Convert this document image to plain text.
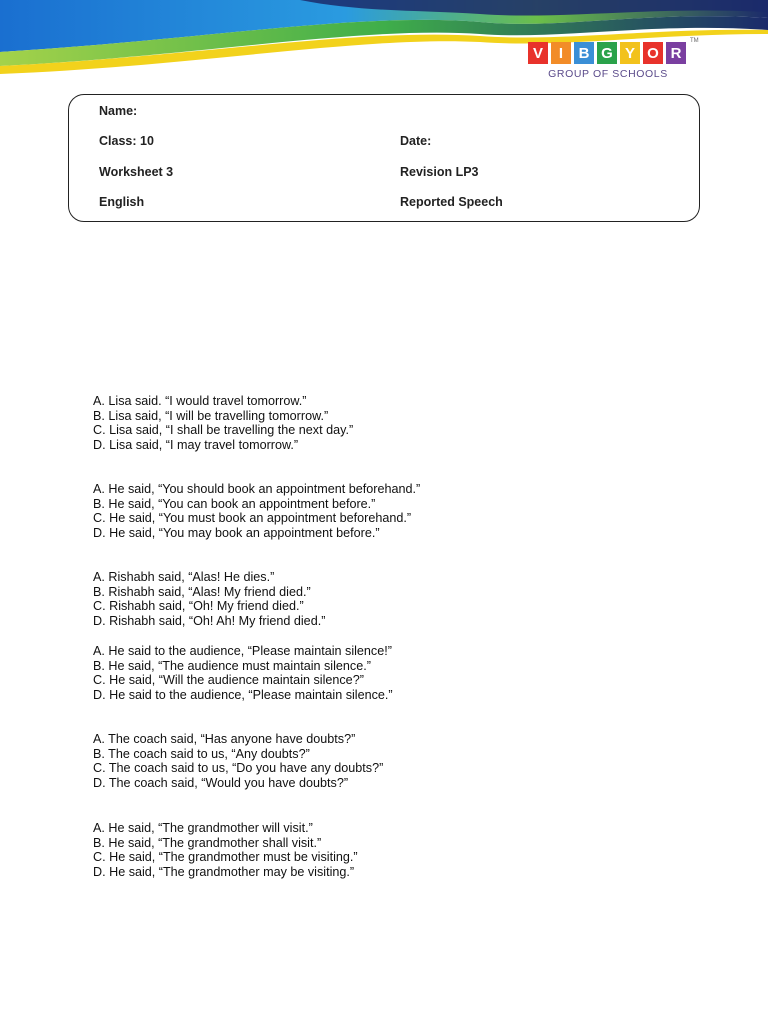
V	I	B G Y O R
TM
GROUP OF SCHOOLS
Name:
Class: 10	Date:
Worksheet 3	Revision LP3
English	Reported Speech
A. Lisa said. “I would travel tomorrow.”
B. Lisa said, “I will be travelling tomorrow.”
C. Lisa said, “I shall be travelling the next day.”
D. Lisa said, “I may travel tomorrow.”
A. He said, “You should book an appointment beforehand.”
B. He said, “You can book an appointment before.”
C. He said, “You must book an appointment beforehand.”
D. He said, “You may book an appointment before.”
A. Rishabh said, “Alas! He dies.”
B. Rishabh said, “Alas! My friend died.”
C. Rishabh said, “Oh! My friend died.”
D. Rishabh said, “Oh! Ah! My friend died.”
A. He said to the audience, “Please maintain silence!”
B. He said, “The audience must maintain silence.”
C. He said, “Will the audience maintain silence?”
D. He said to the audience, “Please maintain silence.”
A. The coach said, “Has anyone have doubts?”
B. The coach said to us, “Any doubts?”
C. The coach said to us, “Do you have any doubts?”
D. The coach said, “Would you have doubts?”
A. He said, “The grandmother will visit.”
B. He said, “The grandmother shall visit.”
C. He said, “The grandmother must be visiting.”
D. He said, “The grandmother may be visiting.”
